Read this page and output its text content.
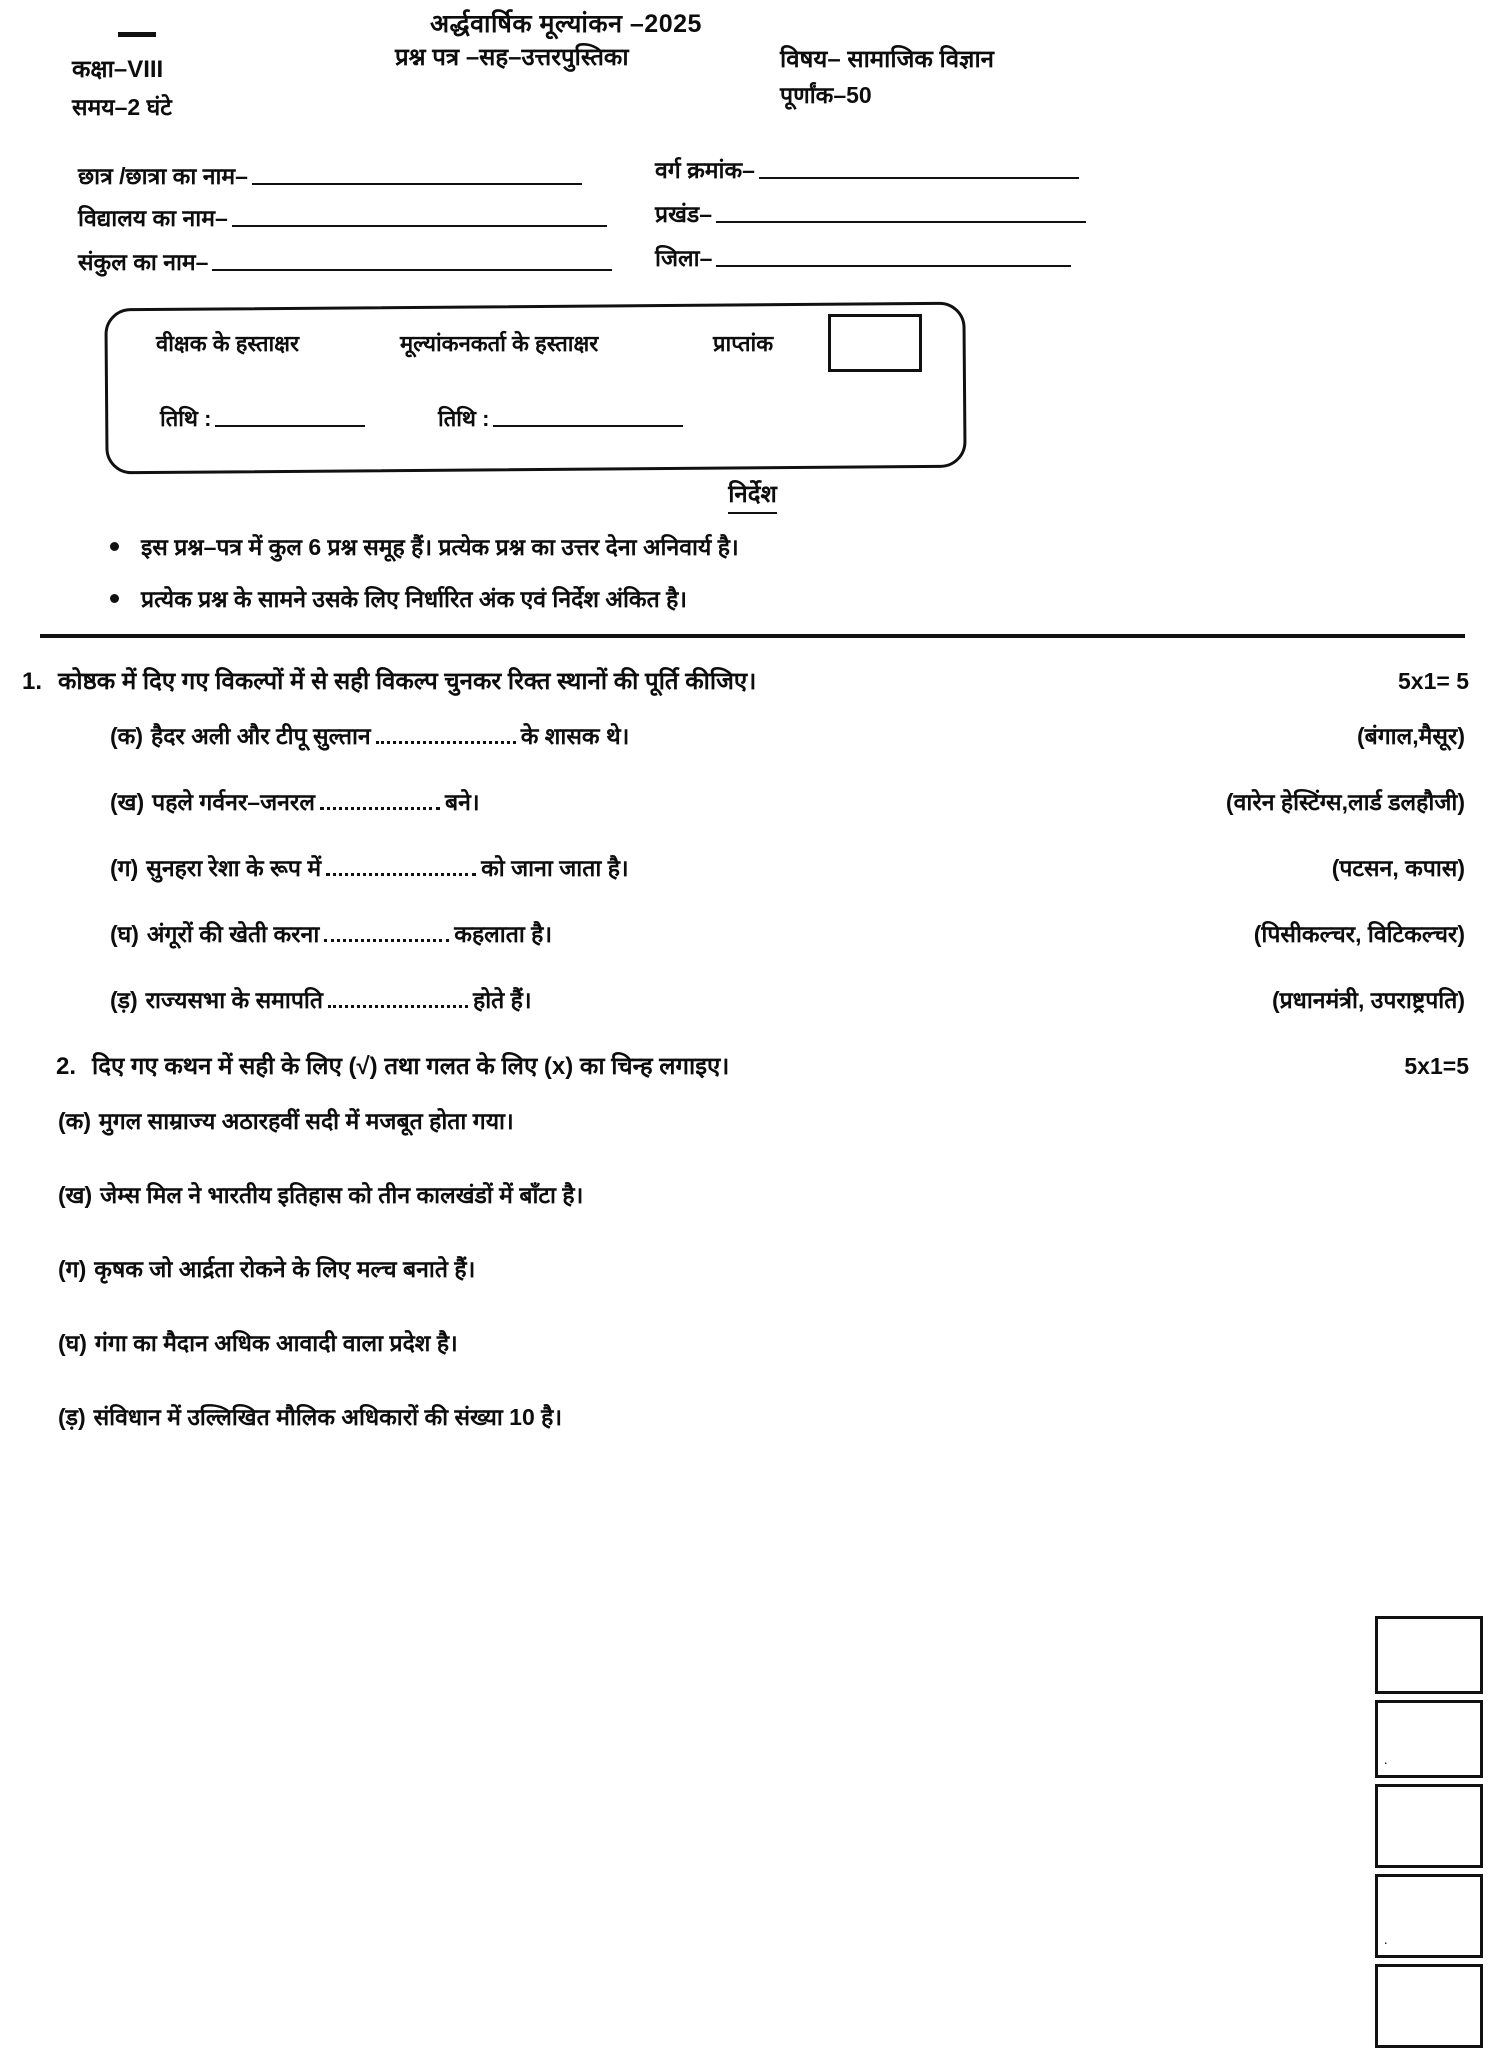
अर्द्धवार्षिक मूल्यांकन –2025
प्रश्न पत्र –सह–उत्तरपुस्तिका
कक्षा–VIII
समय–2 घंटे
विषय– सामाजिक विज्ञान
पूर्णांक–50
छात्र /छात्रा का नाम–
विद्यालय का नाम–
संकुल का नाम–
वर्ग क्रमांक–
प्रखंड–
जिला–
वीक्षक के हस्ताक्षर	मूल्यांकनकर्ता के हस्ताक्षर	प्राप्तांक
तिथि :	तिथि :
निर्देश
इस प्रश्न–पत्र में कुल 6 प्रश्न समूह हैं। प्रत्येक प्रश्न का उत्तर देना अनिवार्य है।
प्रत्येक प्रश्न के सामने उसके लिए निर्धारित अंक एवं निर्देश अंकित है।
1. कोष्ठक में दिए गए विकल्पों में से सही विकल्प चुनकर रिक्त स्थानों की पूर्ति कीजिए।	5x1= 5
(क) हैदर अली और टीपू सुल्तान	के शासक थे।	(बंगाल,मैसूर)
(ख) पहले गर्वनर–जनरल	बने।	(वारेन हेस्टिंग्स,लार्ड डलहौजी)
(ग) सुनहरा रेशा के रूप में	को जाना जाता है।	(पटसन, कपास)
(घ) अंगूरों की खेती करना	कहलाता है।	(पिसीकल्चर, विटिकल्चर)
(ड़) राज्यसभा के समापति	होते हैं।	(प्रधानमंत्री, उपराष्ट्रपति)
2. दिए गए कथन में सही के लिए (√) तथा गलत के लिए (x) का चिन्ह लगाइए।	5x1=5
(क) मुगल साम्राज्य अठारहवीं सदी में मजबूत होता गया।
(ख) जेम्स मिल ने भारतीय इतिहास को तीन कालखंडों में बाँटा है।
(ग) कृषक जो आर्द्रता रोकने के लिए मल्च बनाते हैं।
(घ) गंगा का मैदान अधिक आवादी वाला प्रदेश है।
(ड़) संविधान में उल्लिखित मौलिक अधिकारों की संख्या 10 है।
.
.
